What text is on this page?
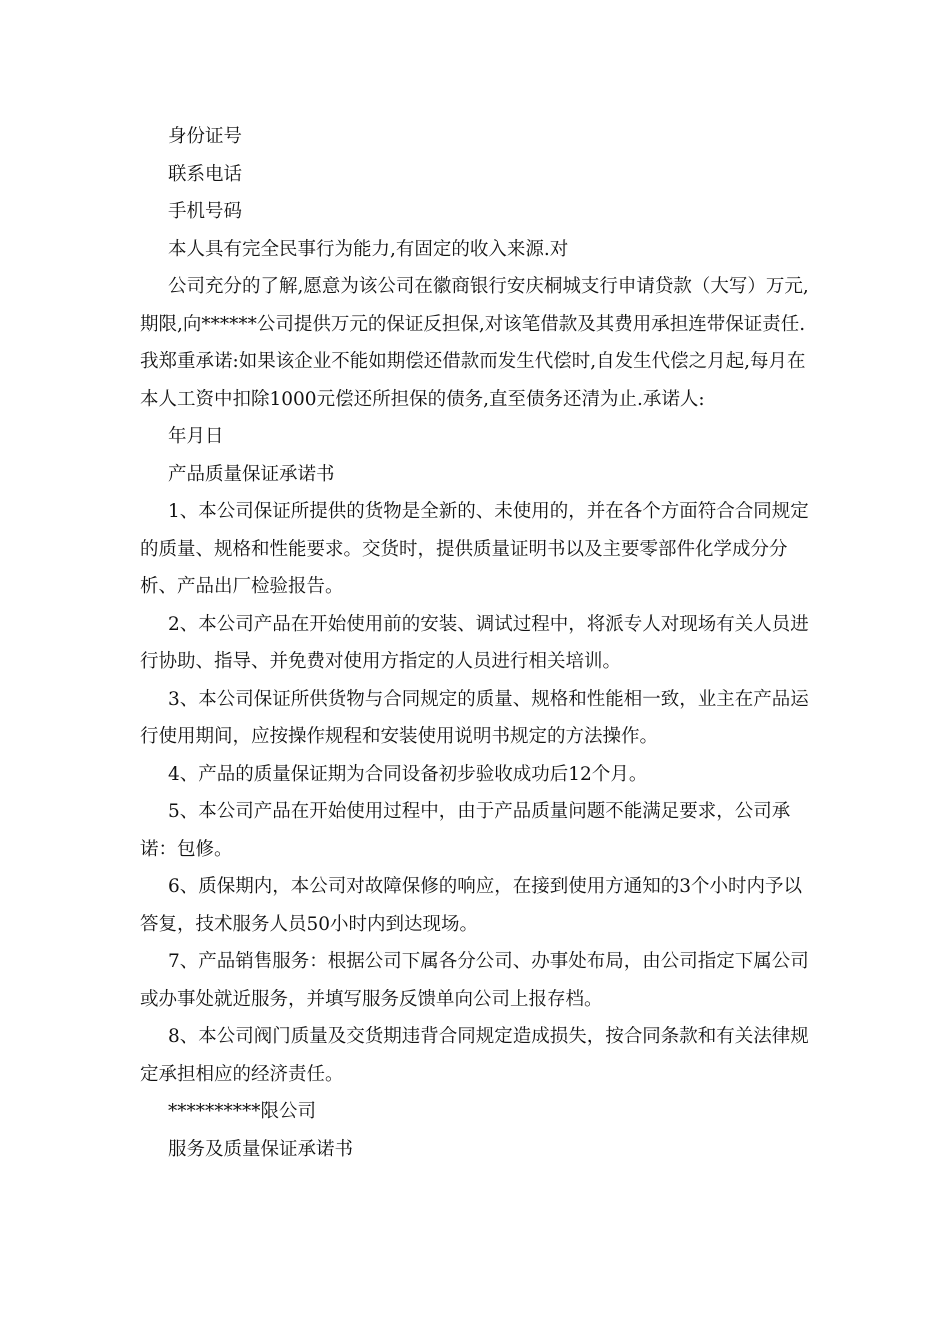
身份证号

联系电话

手机号码

本人具有完全民事行为能力,有固定的收入来源.对

公司充分的了解,愿意为该公司在徽商银行安庆桐城支行申请贷款（大写）万元,期限,向******公司提供万元的保证反担保,对该笔借款及其费用承担连带保证责任.我郑重承诺:如果该企业不能如期偿还借款而发生代偿时,自发生代偿之月起,每月在本人工资中扣除1000元偿还所担保的债务,直至债务还清为止.承诺人:

年月日

产品质量保证承诺书

1、本公司保证所提供的货物是全新的、未使用的，并在各个方面符合合同规定的质量、规格和性能要求。交货时，提供质量证明书以及主要零部件化学成分分析、产品出厂检验报告。

2、本公司产品在开始使用前的安装、调试过程中，将派专人对现场有关人员进行协助、指导、并免费对使用方指定的人员进行相关培训。

3、本公司保证所供货物与合同规定的质量、规格和性能相一致，业主在产品运行使用期间，应按操作规程和安装使用说明书规定的方法操作。

4、产品的质量保证期为合同设备初步验收成功后12个月。

5、本公司产品在开始使用过程中，由于产品质量问题不能满足要求，公司承诺：包修。

6、质保期内，本公司对故障保修的响应，在接到使用方通知的3个小时内予以答复，技术服务人员50小时内到达现场。

7、产品销售服务：根据公司下属各分公司、办事处布局，由公司指定下属公司或办事处就近服务，并填写服务反馈单向公司上报存档。

8、本公司阀门质量及交货期违背合同规定造成损失，按合同条款和有关法律规定承担相应的经济责任。

**********限公司

服务及质量保证承诺书
